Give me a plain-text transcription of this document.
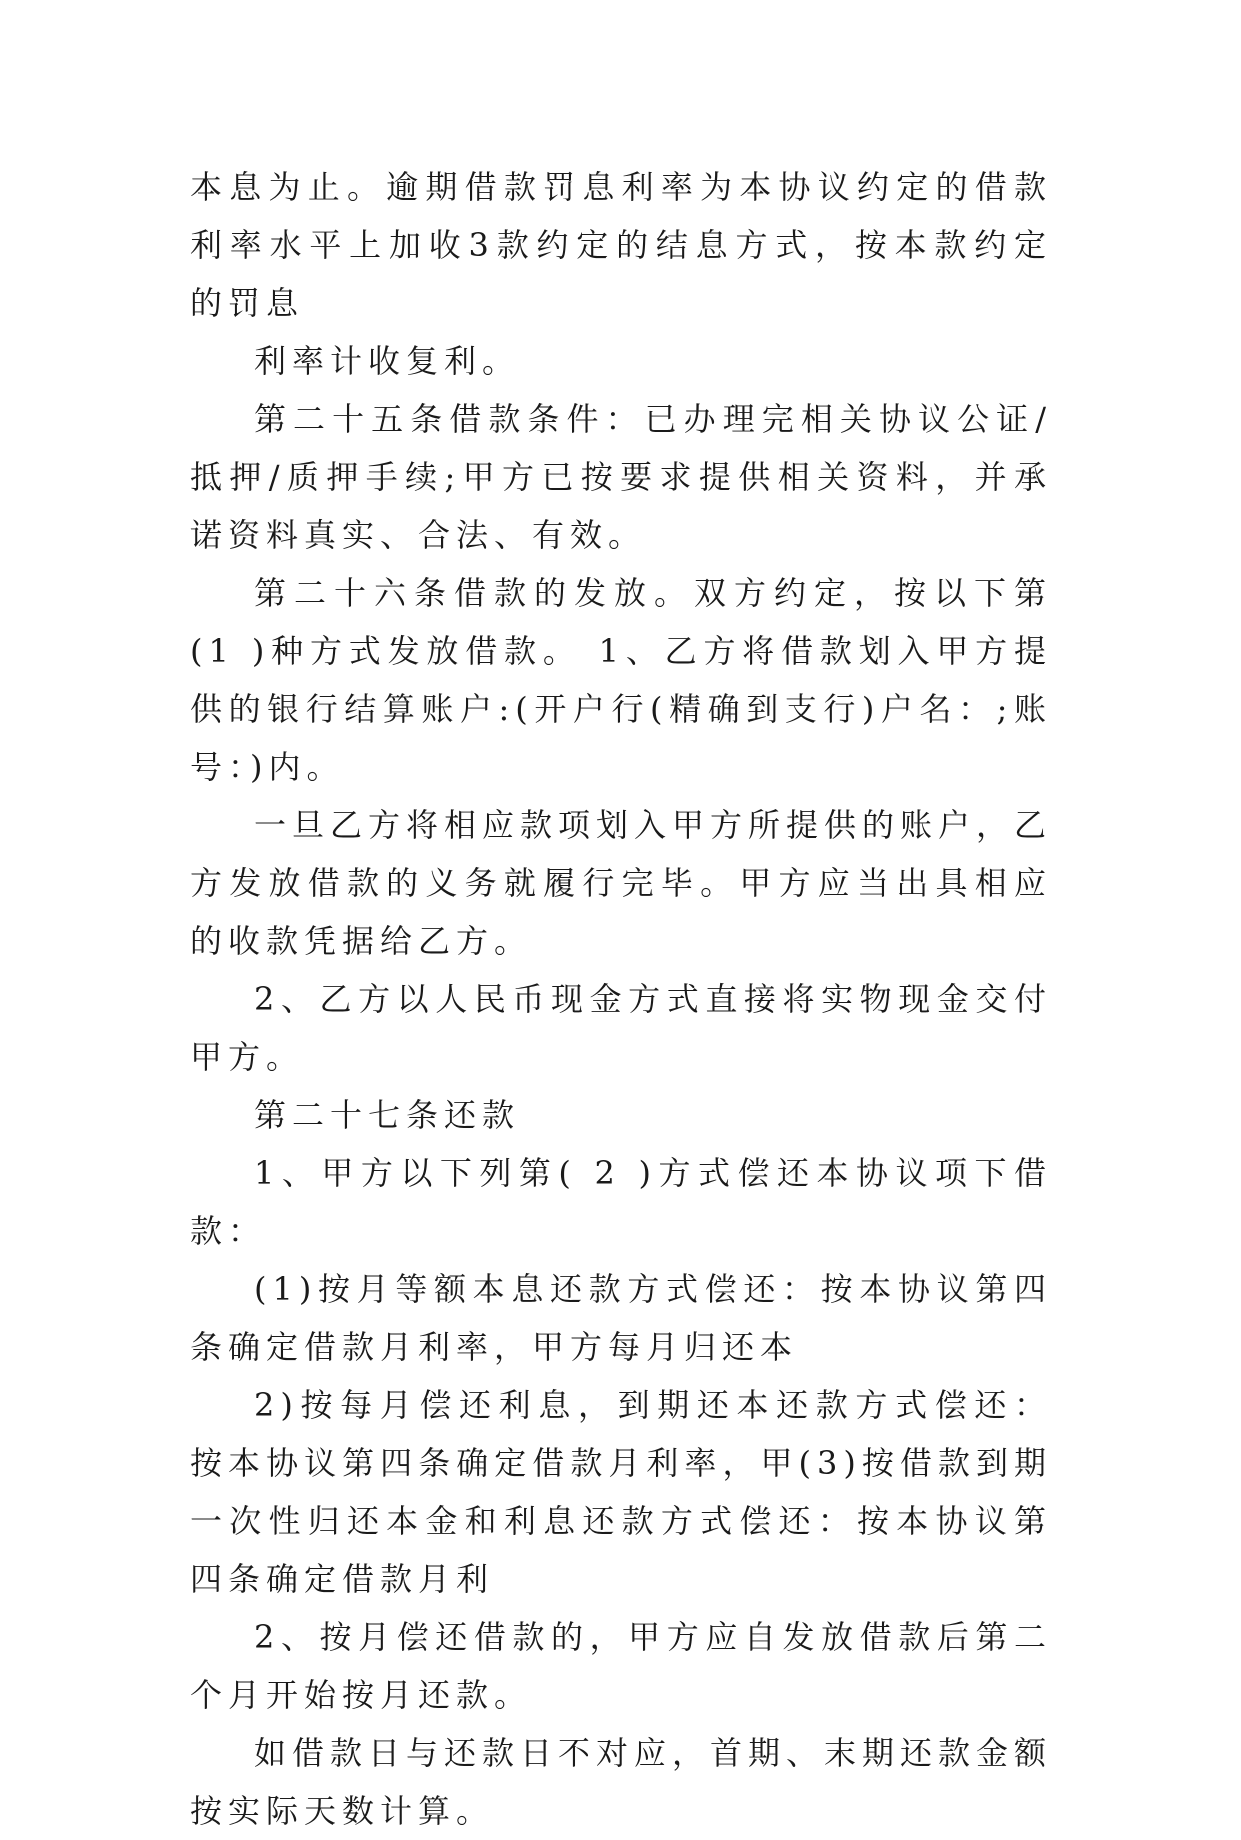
本息为止。逾期借款罚息利率为本协议约定的借款利率水平上加收3款约定的结息方式，按本款约定的罚息

利率计收复利。

第二十五条借款条件：已办理完相关协议公证/抵押/质押手续;甲方已按要求提供相关资料，并承诺资料真实、合法、有效。

第二十六条借款的发放。双方约定，按以下第(1 )种方式发放借款。 1、乙方将借款划入甲方提供的银行结算账户:(开户行(精确到支行)户名：;账号：)内。

一旦乙方将相应款项划入甲方所提供的账户，乙方发放借款的义务就履行完毕。甲方应当出具相应的收款凭据给乙方。

2、乙方以人民币现金方式直接将实物现金交付甲方。

第二十七条还款

1、甲方以下列第( 2 )方式偿还本协议项下借款：

(1)按月等额本息还款方式偿还：按本协议第四条确定借款月利率，甲方每月归还本

2)按每月偿还利息，到期还本还款方式偿还：按本协议第四条确定借款月利率，甲(3)按借款到期一次性归还本金和利息还款方式偿还：按本协议第四条确定借款月利

2、按月偿还借款的，甲方应自发放借款后第二个月开始按月还款。

如借款日与还款日不对应，首期、末期还款金额按实际天数计算。
